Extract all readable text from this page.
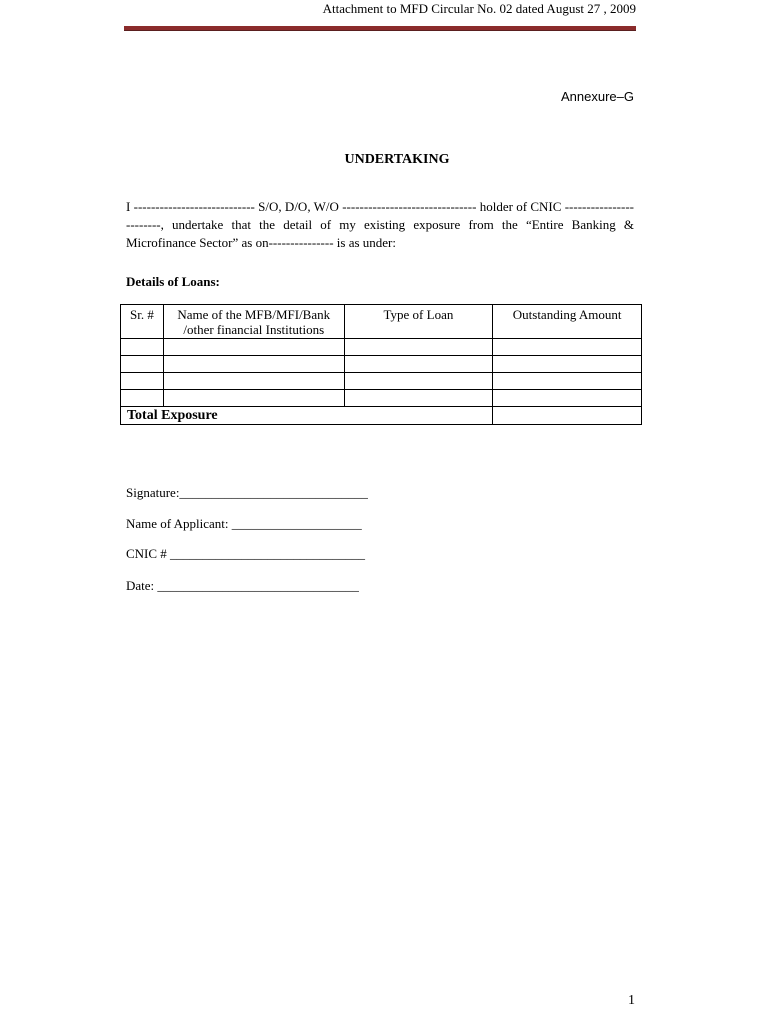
Attachment to MFD Circular No. 02 dated August 27 , 2009
Annexure–G
UNDERTAKING
I ---------------------------- S/O, D/O, W/O ------------------------------- holder of CNIC ------------------------, undertake that the detail of my existing exposure from the “Entire Banking & Microfinance Sector” as on--------------- is as under:
Details of Loans:
Sr. #	Name of the MFB/MFI/Bank /other financial Institutions	Type of Loan	Outstanding Amount

Total Exposure			
Signature:_____________________________
Name of Applicant: ____________________
CNIC # ______________________________
Date: _______________________________
1
